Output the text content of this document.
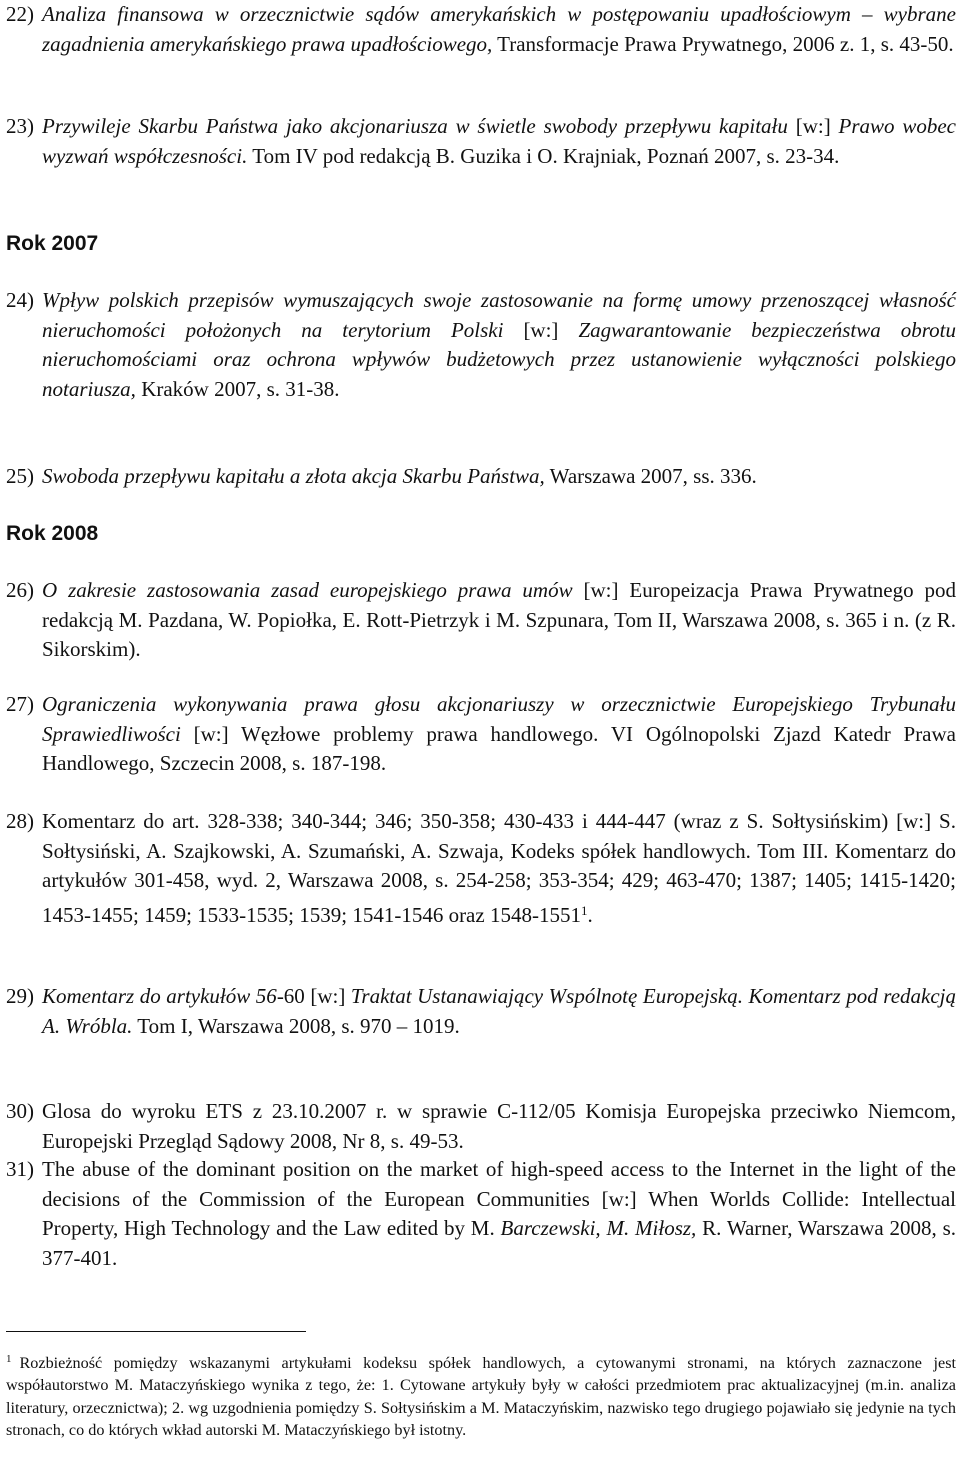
22) Analiza finansowa w orzecznictwie sądów amerykańskich w postępowaniu upadłościowym – wybrane zagadnienia amerykańskiego prawa upadłościowego, Transformacje Prawa Prywatnego, 2006 z. 1, s. 43-50.
23) Przywileje Skarbu Państwa jako akcjonariusza w świetle swobody przepływu kapitału [w:] Prawo wobec wyzwań współczesności. Tom IV pod redakcją B. Guzika i O. Krajniak, Poznań 2007, s. 23-34.
Rok 2007
24) Wpływ polskich przepisów wymuszających swoje zastosowanie na formę umowy przenoszącej własność nieruchomości położonych na terytorium Polski [w:] Zagwarantowanie bezpieczeństwa obrotu nieruchomościami oraz ochrona wpływów budżetowych przez ustanowienie wyłączności polskiego notariusza, Kraków 2007, s. 31-38.
25) Swoboda przepływu kapitału a złota akcja Skarbu Państwa, Warszawa 2007, ss. 336.
Rok 2008
26) O zakresie zastosowania zasad europejskiego prawa umów [w:] Europeizacja Prawa Prywatnego pod redakcją M. Pazdana, W. Popiołka, E. Rott-Pietrzyk i M. Szpunara, Tom II, Warszawa 2008, s. 365 i n. (z R. Sikorskim).
27) Ograniczenia wykonywania prawa głosu akcjonariuszy w orzecznictwie Europejskiego Trybunału Sprawiedliwości [w:] Węzłowe problemy prawa handlowego. VI Ogólnopolski Zjazd Katedr Prawa Handlowego, Szczecin 2008, s. 187-198.
28) Komentarz do art. 328-338; 340-344; 346; 350-358; 430-433 i 444-447 (wraz z S. Sołtysińskim) [w:] S. Sołtysiński, A. Szajkowski, A. Szumański, A. Szwaja, Kodeks spółek handlowych. Tom III. Komentarz do artykułów 301-458, wyd. 2, Warszawa 2008, s. 254-258; 353-354; 429; 463-470; 1387; 1405; 1415-1420; 1453-1455; 1459; 1533-1535; 1539; 1541-1546 oraz 1548-1551$^1$.
29) Komentarz do artykułów 56-60 [w:] Traktat Ustanawiający Wspólnotę Europejską. Komentarz pod redakcją A. Wróbla. Tom I, Warszawa 2008, s. 970 – 1019.
30) Glosa do wyroku ETS z 23.10.2007 r. w sprawie C-112/05 Komisja Europejska przeciwko Niemcom, Europejski Przegląd Sądowy 2008, Nr 8, s. 49-53.
31) The abuse of the dominant position on the market of high-speed access to the Internet in the light of the decisions of the Commission of the European Communities [w:] When Worlds Collide: Intellectual Property, High Technology and the Law edited by M. Barczewski, M. Miłosz, R. Warner, Warszawa 2008, s. 377-401.
$^1$ Rozbieżność pomiędzy wskazanymi artykułami kodeksu spółek handlowych, a cytowanymi stronami, na których zaznaczone jest współautorstwo M. Mataczyńskiego wynika z tego, że: 1. Cytowane artykuły były w całości przedmiotem prac aktualizacyjnej (m.in. analiza literatury, orzecznictwa); 2. wg uzgodnienia pomiędzy S. Sołtysińskim a M. Mataczyńskim, nazwisko tego drugiego pojawiało się jedynie na tych stronach, co do których wkład autorski M. Mataczyńskiego był istotny.
